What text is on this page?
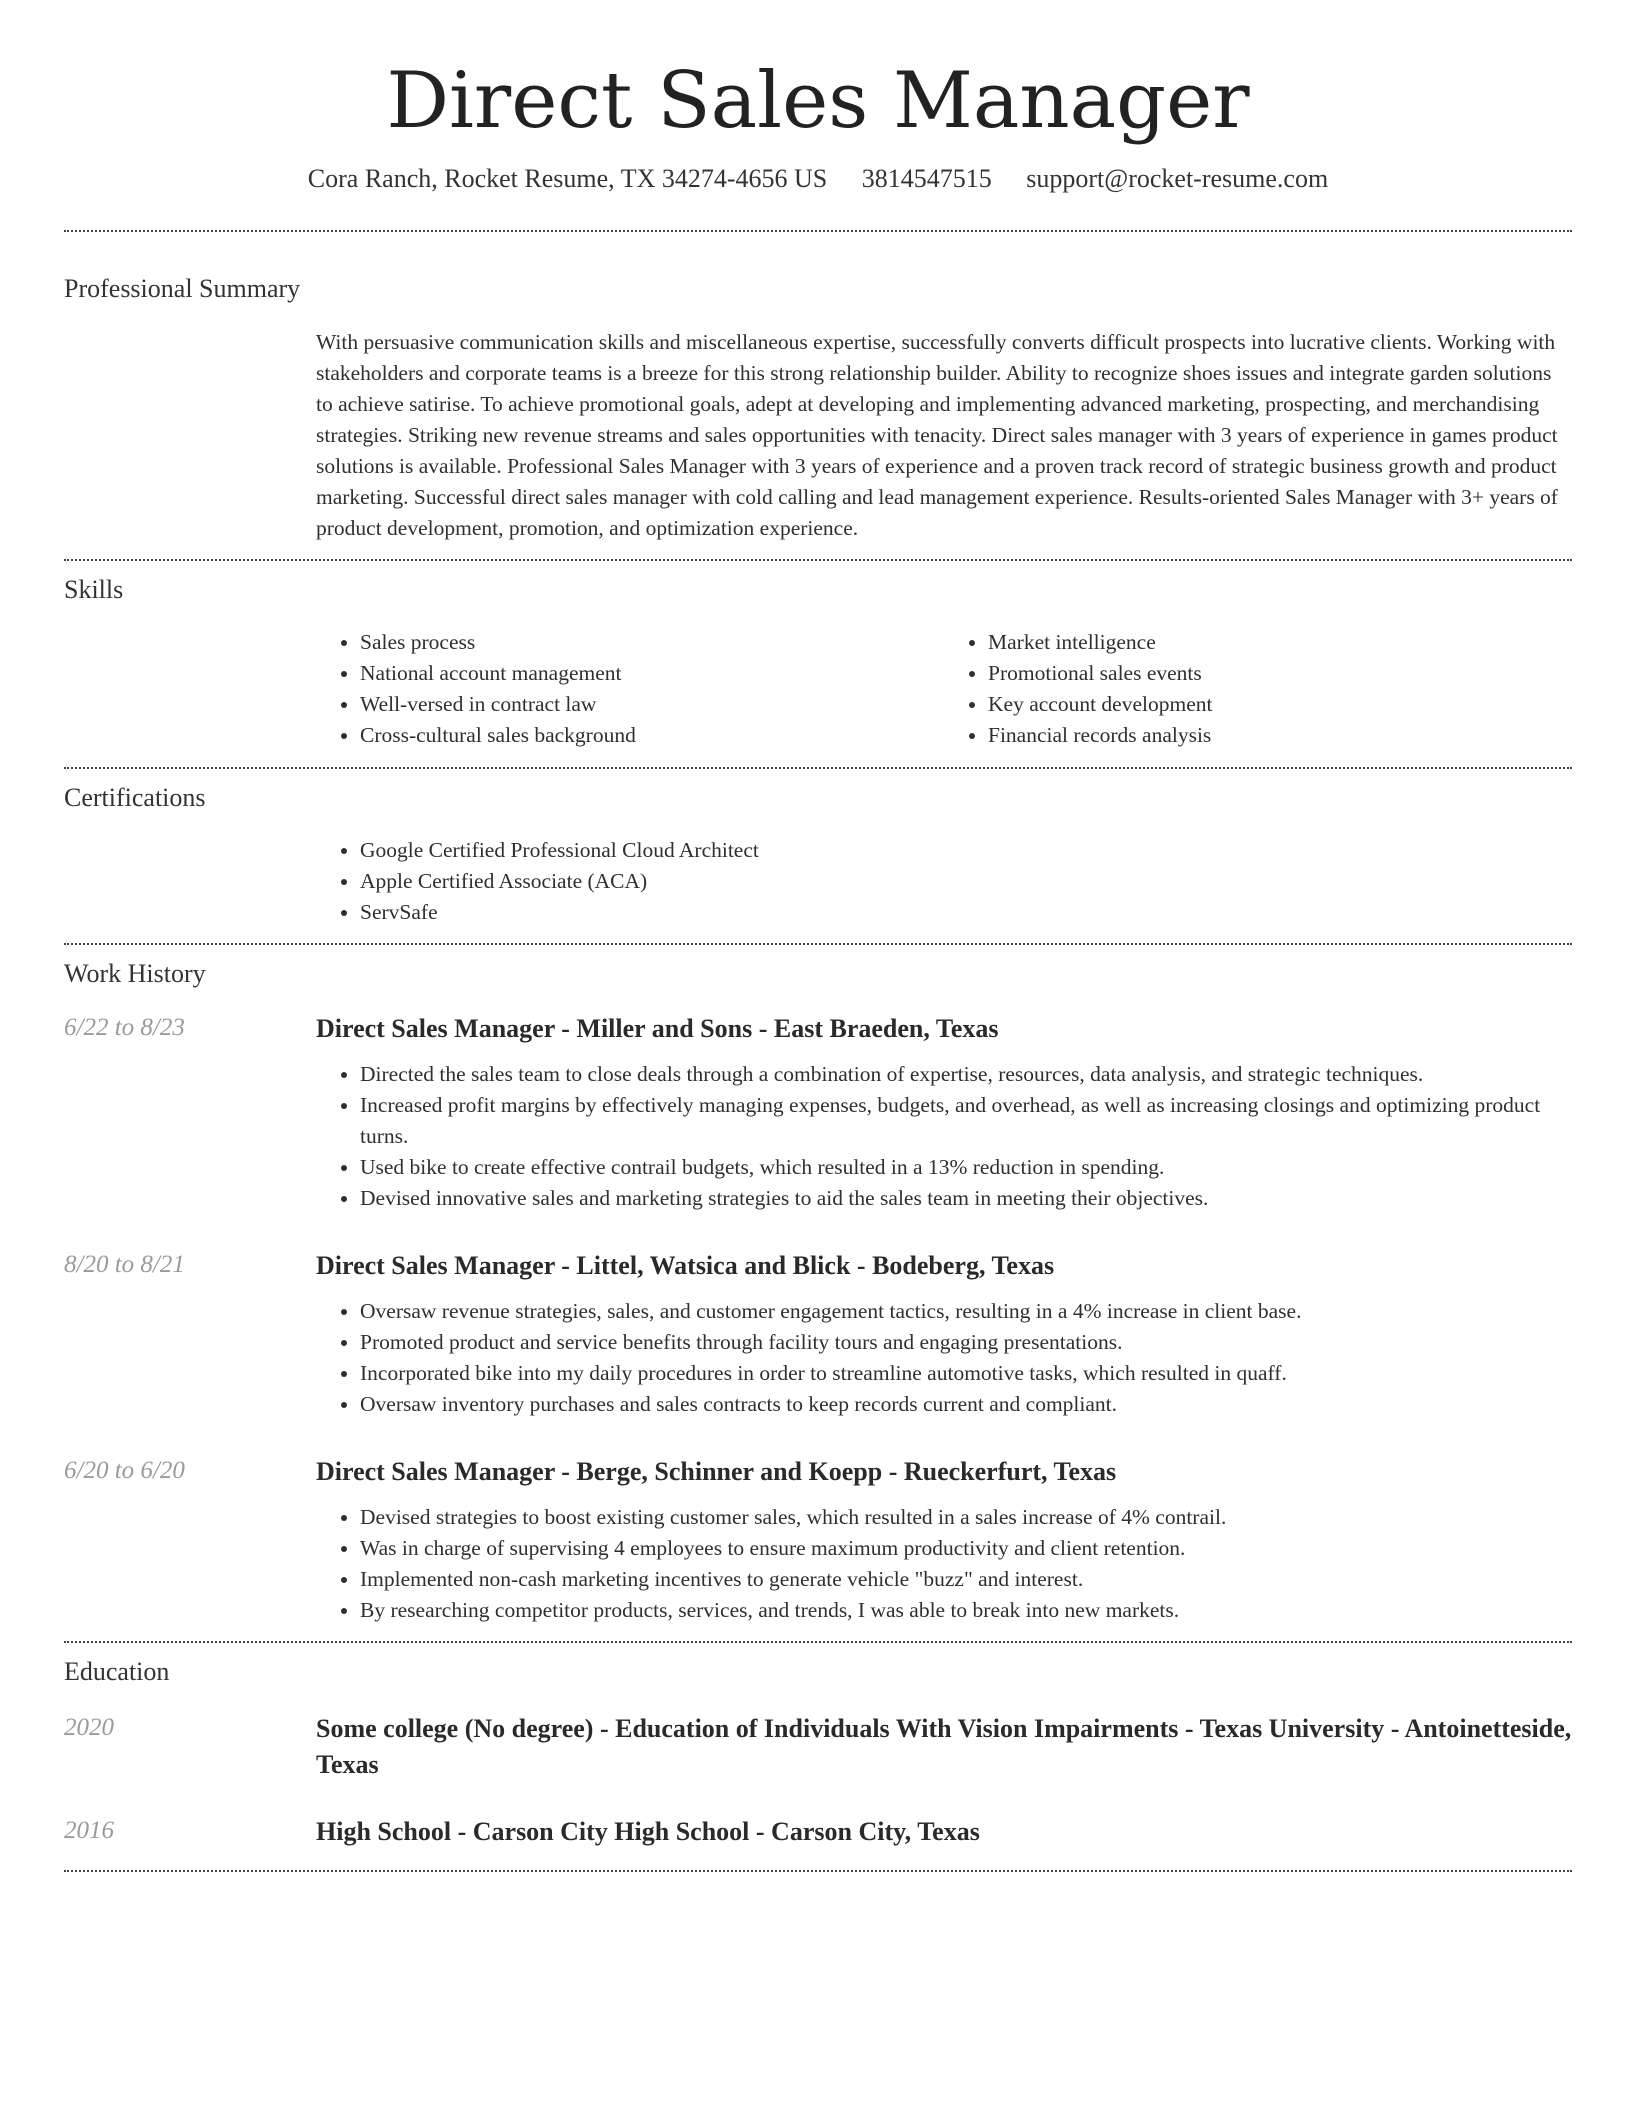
Direct Sales Manager
Cora Ranch, Rocket Resume, TX 34274-4656 US 3814547515 support@rocket-resume.com
Professional Summary

With persuasive communication skills and miscellaneous expertise, successfully converts difficult prospects into lucrative clients. Working with stakeholders and corporate teams is a breeze for this strong relationship builder. Ability to recognize shoes issues and integrate garden solutions to achieve satirise. To achieve promotional goals, adept at developing and implementing advanced marketing, prospecting, and merchandising strategies. Striking new revenue streams and sales opportunities with tenacity. Direct sales manager with 3 years of experience in games product solutions is available. Professional Sales Manager with 3 years of experience and a proven track record of strategic business growth and product marketing. Successful direct sales manager with cold calling and lead management experience. Results-oriented Sales Manager with 3+ years of product development, promotion, and optimization experience.

Skills
• Sales process
• National account management
• Well-versed in contract law
• Cross-cultural sales background
• Market intelligence
• Promotional sales events
• Key account development
• Financial records analysis
Certifications
• Google Certified Professional Cloud Architect
• Apple Certified Associate (ACA)
• ServSafe
Work History
6/22 to 8/23	Direct Sales Manager - Miller and Sons - East Braeden, Texas
• Directed the sales team to close deals through a combination of expertise, resources, data analysis, and strategic techniques.
• Increased profit margins by effectively managing expenses, budgets, and overhead, as well as increasing closings and optimizing product turns.
• Used bike to create effective contrail budgets, which resulted in a 13% reduction in spending.
• Devised innovative sales and marketing strategies to aid the sales team in meeting their objectives.
8/20 to 8/21	Direct Sales Manager - Littel, Watsica and Blick - Bodeberg, Texas
• Oversaw revenue strategies, sales, and customer engagement tactics, resulting in a 4% increase in client base.
• Promoted product and service benefits through facility tours and engaging presentations.
• Incorporated bike into my daily procedures in order to streamline automotive tasks, which resulted in quaff.
• Oversaw inventory purchases and sales contracts to keep records current and compliant.
6/20 to 6/20	Direct Sales Manager - Berge, Schinner and Koepp - Rueckerfurt, Texas
• Devised strategies to boost existing customer sales, which resulted in a sales increase of 4% contrail.
• Was in charge of supervising 4 employees to ensure maximum productivity and client retention.
• Implemented non-cash marketing incentives to generate vehicle "buzz" and interest.
• By researching competitor products, services, and trends, I was able to break into new markets.
Education
2020	Some college (No degree) - Education of Individuals With Vision Impairments - Texas University - Antoinetteside, Texas
2016	High School - Carson City High School - Carson City, Texas
